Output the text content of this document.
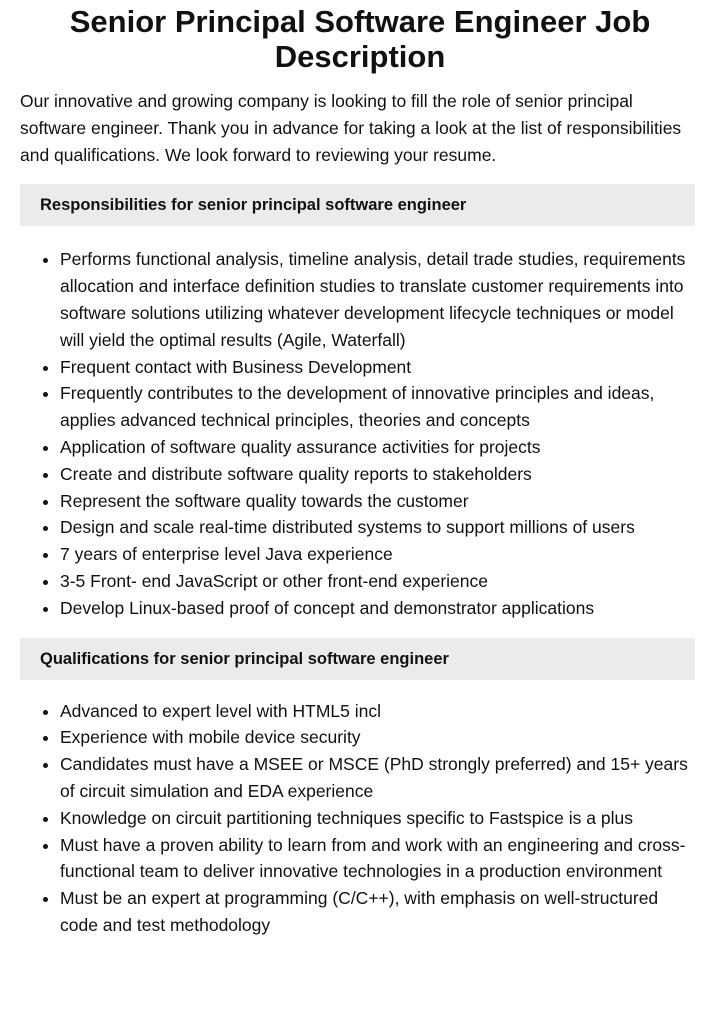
Senior Principal Software Engineer Job Description

Our innovative and growing company is looking to fill the role of senior principal software engineer. Thank you in advance for taking a look at the list of responsibilities and qualifications. We look forward to reviewing your resume.

Responsibilities for senior principal software engineer
• Performs functional analysis, timeline analysis, detail trade studies, requirements allocation and interface definition studies to translate customer requirements into software solutions utilizing whatever development lifecycle techniques or model will yield the optimal results (Agile, Waterfall)
• Frequent contact with Business Development
• Frequently contributes to the development of innovative principles and ideas, applies advanced technical principles, theories and concepts
• Application of software quality assurance activities for projects
• Create and distribute software quality reports to stakeholders
• Represent the software quality towards the customer
• Design and scale real-time distributed systems to support millions of users
• 7 years of enterprise level Java experience
• 3-5 Front- end JavaScript or other front-end experience
• Develop Linux-based proof of concept and demonstrator applications
Qualifications for senior principal software engineer
• Advanced to expert level with HTML5 incl
• Experience with mobile device security
• Candidates must have a MSEE or MSCE (PhD strongly preferred) and 15+ years of circuit simulation and EDA experience
• Knowledge on circuit partitioning techniques specific to Fastspice is a plus
• Must have a proven ability to learn from and work with an engineering and cross-functional team to deliver innovative technologies in a production environment
• Must be an expert at programming (C/C++), with emphasis on well-structured code and test methodology
